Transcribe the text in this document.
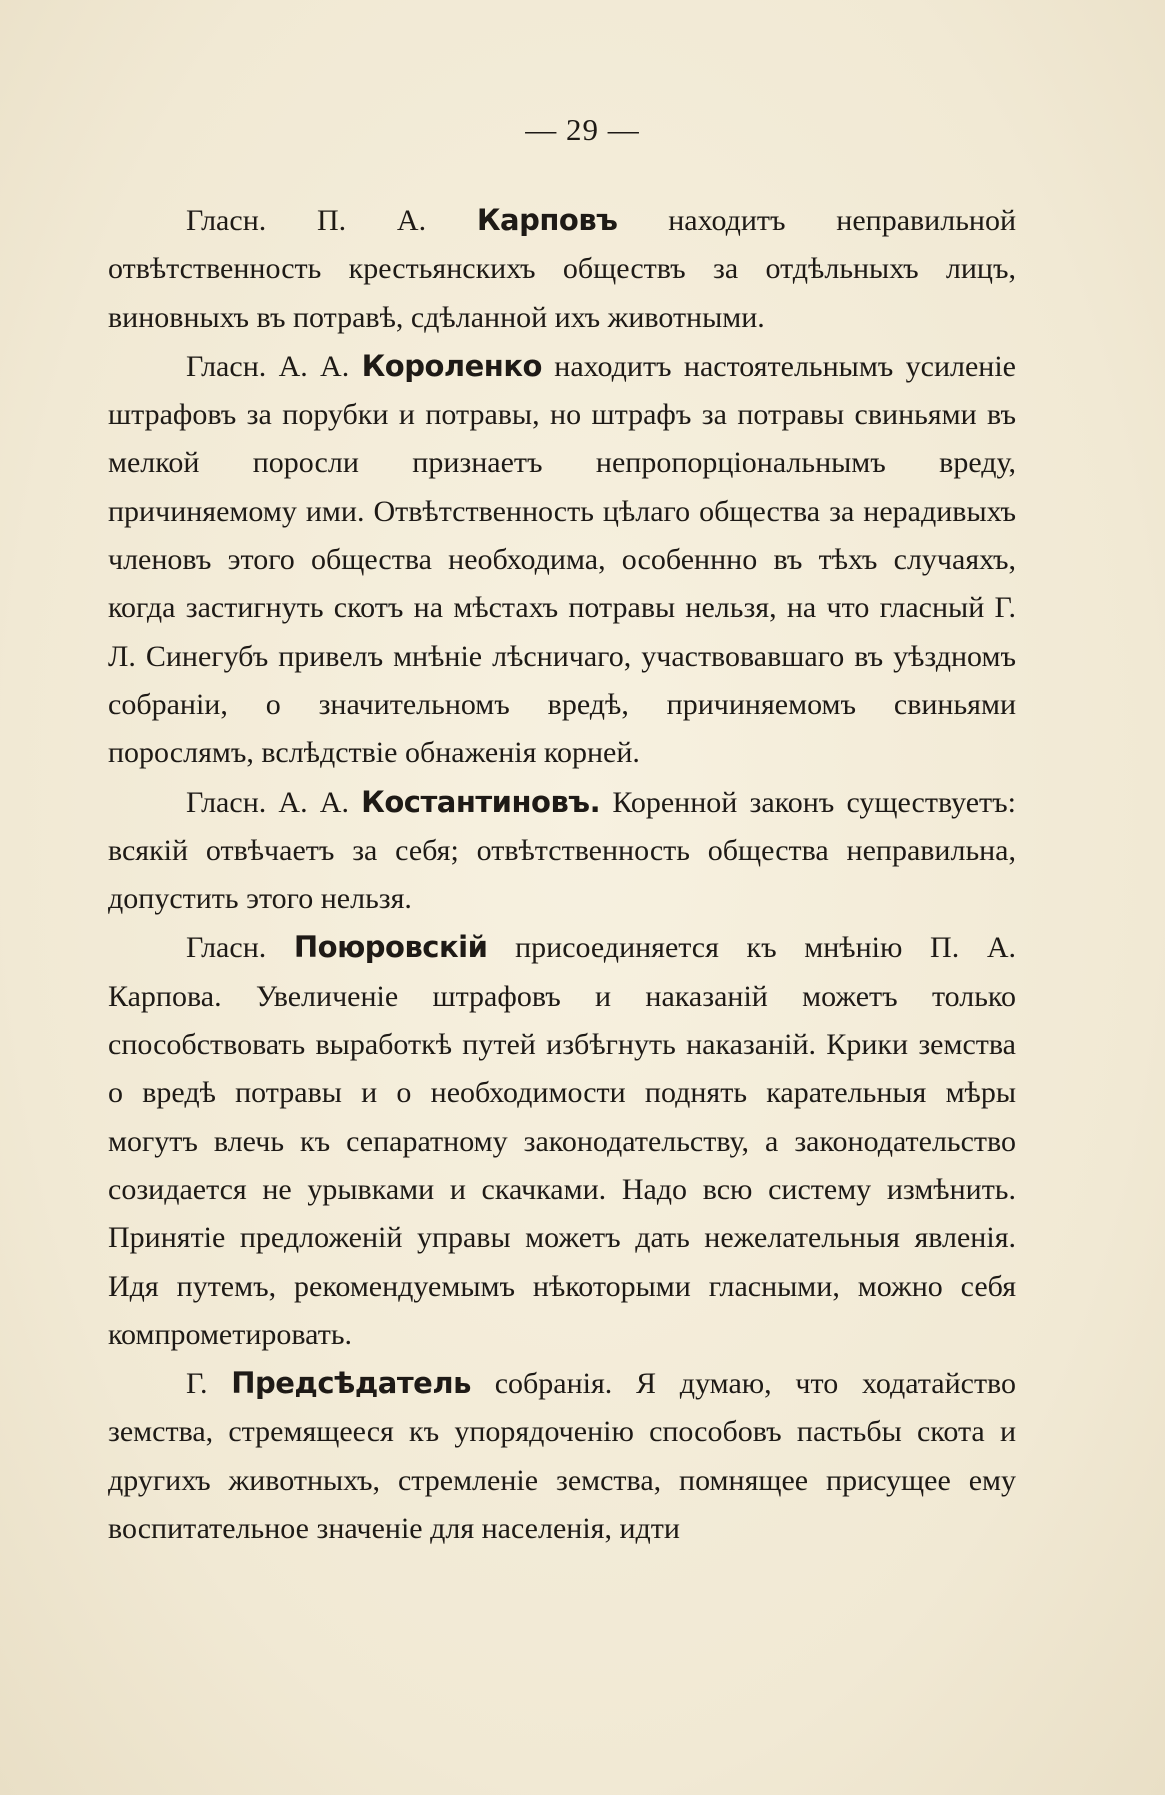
— 29 —

Гласн. П. А. Карповъ находитъ неправильной отвѣтственность крестьянскихъ обществъ за отдѣльныхъ лицъ, виновныхъ въ потравѣ, сдѣланной ихъ животными.

Гласн. А. А. Короленко находитъ настоятельнымъ усиленіе штрафовъ за порубки и потравы, но штрафъ за потравы свиньями въ мелкой поросли признаетъ непропорціональнымъ вреду, причиняемому ими. Отвѣтственность цѣлаго общества за нерадивыхъ членовъ этого общества необходима, особеннно въ тѣхъ случаяхъ, когда застигнуть скотъ на мѣстахъ потравы нельзя, на что гласный Г. Л. Синегубъ привелъ мнѣніе лѣсничаго, участвовавшаго въ уѣздномъ собраніи, о значительномъ вредѣ, причиняемомъ свиньями порослямъ, вслѣдствіе обнаженія корней.

Гласн. А. А. Костантиновъ. Коренной законъ существуетъ: всякій отвѣчаетъ за себя; отвѣтственность общества неправильна, допустить этого нельзя.

Гласн. Поюровскій присоединяется къ мнѣнію П. А. Карпова. Увеличеніе штрафовъ и наказаній можетъ только способствовать выработкѣ путей избѣгнуть наказаній. Крики земства о вредѣ потравы и о необходимости поднять карательныя мѣры могутъ влечь къ сепаратному законодательству, а законодательство созидается не урывками и скачками. Надо всю систему измѣнить. Принятіе предложеній управы можетъ дать нежелательныя явленія. Идя путемъ, рекомендуемымъ нѣкоторыми гласными, можно себя компрометировать.

Г. Предсѣдатель собранія. Я думаю, что ходатайство земства, стремящееся къ упорядоченію способовъ пастьбы скота и другихъ животныхъ, стремленіе земства, помнящее присущее ему воспитательное значеніе для населенія, идти
